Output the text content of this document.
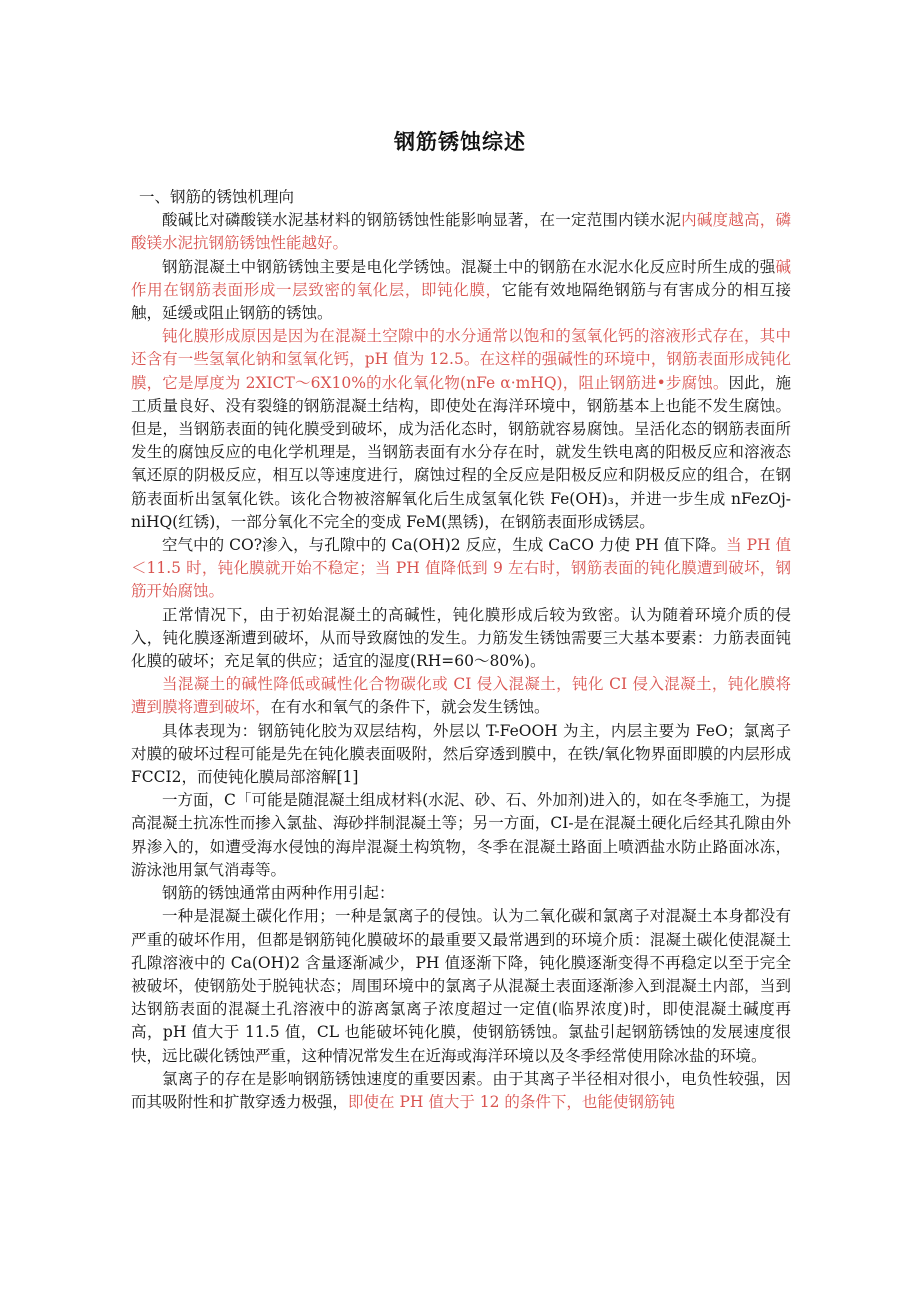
钢筋锈蚀综述

一、钢筋的锈蚀机理向

酸碱比对磷酸镁水泥基材料的钢筋锈蚀性能影响显著，在一定范围内镁水泥内碱度越高，磷酸镁水泥抗钢筋锈蚀性能越好。

钢筋混凝土中钢筋锈蚀主要是电化学锈蚀。混凝土中的钢筋在水泥水化反应时所生成的强碱作用在钢筋表面形成一层致密的氧化层，即钝化膜，它能有效地隔绝钢筋与有害成分的相互接触，延缓或阻止钢筋的锈蚀。

钝化膜形成原因是因为在混凝土空隙中的水分通常以饱和的氢氧化钙的溶液形式存在，其中还含有一些氢氧化钠和氢氧化钙，pH 值为 12.5。在这样的强碱性的环境中，钢筋表面形成钝化膜，它是厚度为 2XICT～6X10%的水化氧化物(nFe α·mHQ)，阻止钢筋进•步腐蚀。因此，施工质量良好、没有裂缝的钢筋混凝土结构，即使处在海洋环境中，钢筋基本上也能不发生腐蚀。但是，当钢筋表面的钝化膜受到破坏，成为活化态时，钢筋就容易腐蚀。呈活化态的钢筋表面所发生的腐蚀反应的电化学机理是，当钢筋表面有水分存在时，就发生铁电离的阳极反应和溶液态氧还原的阴极反应，相互以等速度进行，腐蚀过程的全反应是阳极反应和阴极反应的组合，在钢筋表面析出氢氧化铁。该化合物被溶解氧化后生成氢氧化铁 Fe(OH)₃，并进一步生成 nFezOj-niHQ(红锈)，一部分氧化不完全的变成 FeM(黑锈)，在钢筋表面形成锈层。

空气中的 CO?渗入，与孔隙中的 Ca(OH)2 反应，生成 CaCO 力使 PH 值下降。当 PH 值＜11.5 时，钝化膜就开始不稳定；当 PH 值降低到 9 左右时，钢筋表面的钝化膜遭到破坏，钢筋开始腐蚀。

正常情况下，由于初始混凝土的高碱性，钝化膜形成后较为致密。认为随着环境介质的侵入，钝化膜逐渐遭到破坏，从而导致腐蚀的发生。力筋发生锈蚀需要三大基本要素：力筋表面钝化膜的破坏；充足氧的供应；适宜的湿度(RH=60～80%)。

当混凝土的碱性降低或碱性化合物碳化或 CI 侵入混凝土，钝化 CI 侵入混凝土，钝化膜将遭到膜将遭到破坏，在有水和氧气的条件下，就会发生锈蚀。

具体表现为：钢筋钝化胶为双层结构，外层以 T-FeOOH 为主，内层主要为 FeO；氯离子对膜的破坏过程可能是先在钝化膜表面吸附，然后穿透到膜中，在铁/氧化物界面即膜的内层形成 FCCI2，而使钝化膜局部溶解[1]

一方面，C「可能是随混凝土组成材料(水泥、砂、石、外加剂)进入的，如在冬季施工，为提高混凝土抗冻性而掺入氯盐、海砂拌制混凝土等；另一方面，CI-是在混凝土硬化后经其孔隙由外界渗入的，如遭受海水侵蚀的海岸混凝土构筑物，冬季在混凝土路面上喷洒盐水防止路面冰冻，游泳池用氯气消毒等。

钢筋的锈蚀通常由两种作用引起：

一种是混凝土碳化作用；一种是氯离子的侵蚀。认为二氧化碳和氯离子对混凝土本身都没有严重的破坏作用，但都是钢筋钝化膜破坏的最重要又最常遇到的环境介质：混凝土碳化使混凝土孔隙溶液中的 Ca(OH)2 含量逐渐减少，PH 值逐渐下降，钝化膜逐渐变得不再稳定以至于完全被破坏，使钢筋处于脱钝状态；周围环境中的氯离子从混凝土表面逐渐渗入到混凝土内部，当到达钢筋表面的混凝土孔溶液中的游离氯离子浓度超过一定值(临界浓度)时，即使混凝土碱度再高，pH 值大于 11.5 值，CL 也能破坏钝化膜，使钢筋锈蚀。氯盐引起钢筋锈蚀的发展速度很快，远比碳化锈蚀严重，这种情况常发生在近海或海洋环境以及冬季经常使用除冰盐的环境。

氯离子的存在是影响钢筋锈蚀速度的重要因素。由于其离子半径相对很小，电负性较强，因而其吸附性和扩散穿透力极强，即使在 PH 值大于 12 的条件下，也能使钢筋钝
